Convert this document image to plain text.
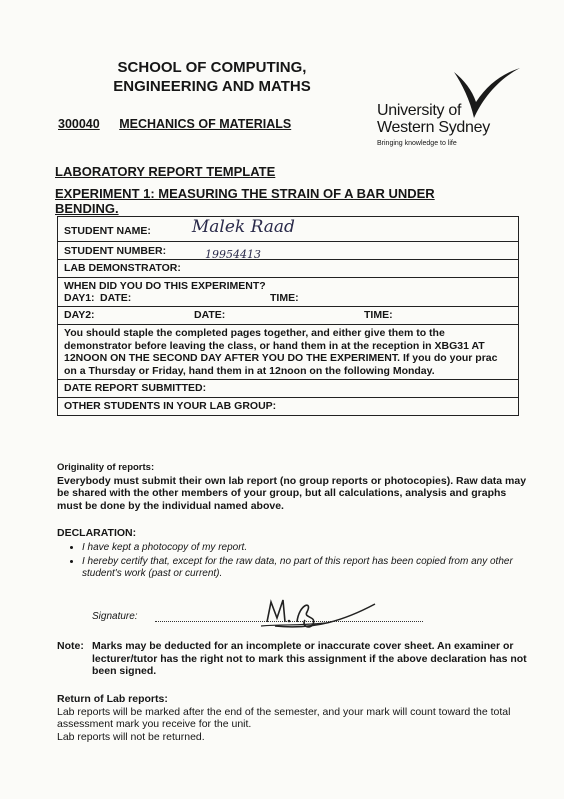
SCHOOL OF COMPUTING,
ENGINEERING AND MATHS
300040 MECHANICS OF MATERIALS
University of
Western Sydney
Bringing knowledge to life
LABORATORY REPORT TEMPLATE
EXPERIMENT 1: MEASURING THE STRAIN OF A BAR UNDER BENDING.
STUDENT NAME: Malek Raad
STUDENT NUMBER:	19954413
LAB DEMONSTRATOR:

WHEN DID YOU DO THIS EXPERIMENT?
DAY1: DATE:	TIME:

DAY2:	DATE:	TIME:
You should staple the completed pages together, and either give them to the demonstrator before leaving the class, or hand them in at the reception in XBG31 AT 12NOON ON THE SECOND DAY AFTER YOU DO THE EXPERIMENT. If you do your prac on a Thursday or Friday, hand them in at 12noon on the following Monday.
DATE REPORT SUBMITTED:
OTHER STUDENTS IN YOUR LAB GROUP:
Originality of reports:
Everybody must submit their own lab report (no group reports or photocopies). Raw data may be shared with the other members of your group, but all calculations, analysis and graphs must be done by the individual named above.
DECLARATION:
• I have kept a photocopy of my report.
• I hereby certify that, except for the raw data, no part of this report has been copied from any other student's work (past or current).
Signature:
Note: Marks may be deducted for an incomplete or inaccurate cover sheet. An examiner or lecturer/tutor has the right not to mark this assignment if the above declaration has not been signed.
Return of Lab reports:
Lab reports will be marked after the end of the semester, and your mark will count toward the total assessment mark you receive for the unit.
Lab reports will not be returned.
